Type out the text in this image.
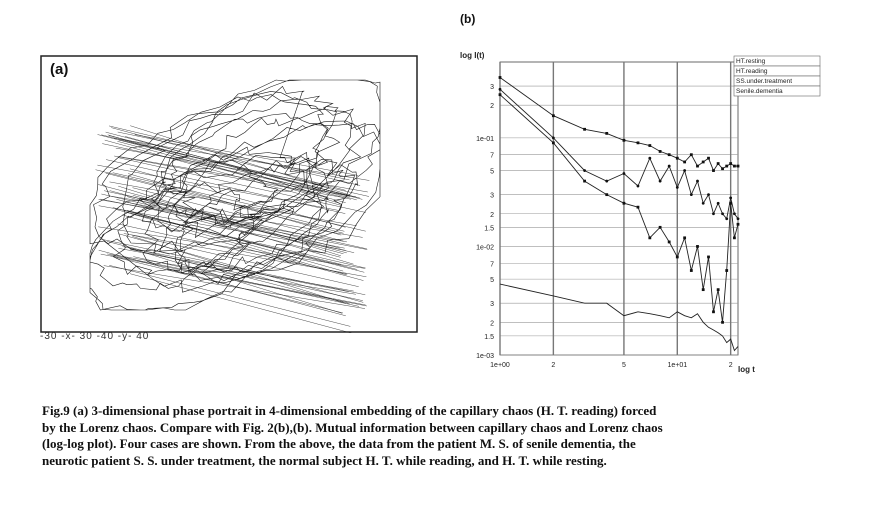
(a)
-30 -x- 30 -40 -y- 40
(b)
log I(t)
log t
3
2
1e-01
7
5
3
2
1.5
1e-02
7
5
3
2
1.5
1e-03
1e+00	2	5	1e+01	2
HT.resting
HT.reading
SS.under.treatment
Senile.dementia
Fig.9 (a) 3-dimensional phase portrait in 4-dimensional embedding of the capillary chaos (H. T. reading) forced
by the Lorenz chaos. Compare with Fig. 2(b),(b). Mutual information between capillary chaos and Lorenz chaos
(log-log plot). Four cases are shown. From the above, the data from the patient M. S. of senile dementia, the
neurotic patient S. S. under treatment, the normal subject H. T. while reading, and H. T. while resting.
